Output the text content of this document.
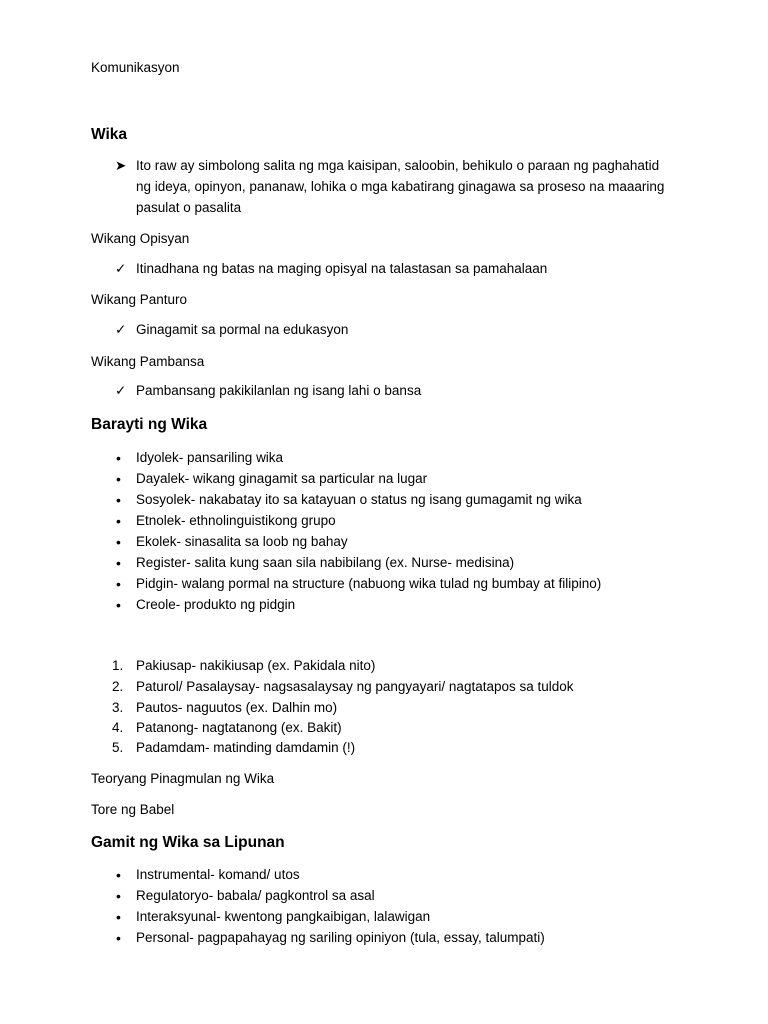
Komunikasyon
Wika
➤ Ito raw ay simbolong salita ng mga kaisipan, saloobin, behikulo o paraan ng paghahatid
ng ideya, opinyon, pananaw, lohika o mga kabatirang ginagawa sa proseso na maaaring
pasulat o pasalita
Wikang Opisyan
✓ Itinadhana ng batas na maging opisyal na talastasan sa pamahalaan
Wikang Panturo
✓ Ginagamit sa pormal na edukasyon
Wikang Pambansa
✓ Pambansang pakikilanlan ng isang lahi o bansa
Barayti ng Wika
•	Idyolek- pansariling wika
•	Dayalek- wikang ginagamit sa particular na lugar
•	Sosyolek- nakabatay ito sa katayuan o status ng isang gumagamit ng wika
•	Etnolek- ethnolinguistikong grupo
•	Ekolek- sinasalita sa loob ng bahay
•	Register- salita kung saan sila nabibilang (ex. Nurse- medisina)
•	Pidgin- walang pormal na structure (nabuong wika tulad ng bumbay at filipino)
•	Creole- produkto ng pidgin
1. Pakiusap- nakikiusap (ex. Pakidala nito)
2. Paturol/ Pasalaysay- nagsasalaysay ng pangyayari/ nagtatapos sa tuldok
3. Pautos- naguutos (ex. Dalhin mo)
4. Patanong- nagtatanong (ex. Bakit)
5. Padamdam- matinding damdamin (!)
Teoryang Pinagmulan ng Wika
Tore ng Babel
Gamit ng Wika sa Lipunan
•	Instrumental- komand/ utos
•	Regulatoryo- babala/ pagkontrol sa asal
•	Interaksyunal- kwentong pangkaibigan, lalawigan
•	Personal- pagpapahayag ng sariling opiniyon (tula, essay, talumpati)
